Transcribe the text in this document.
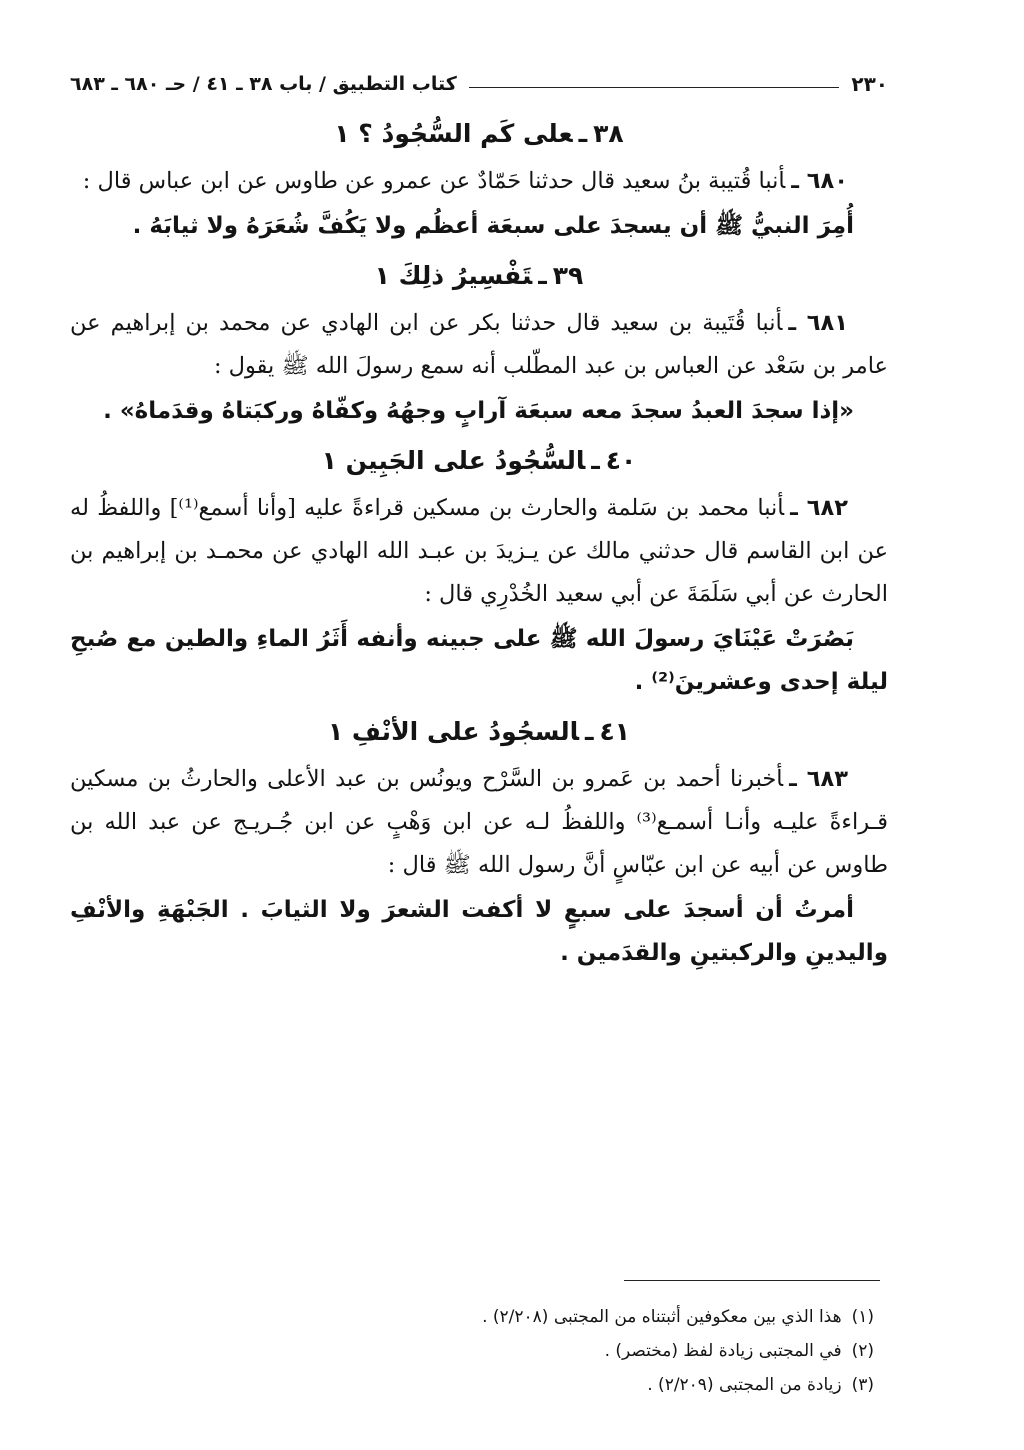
٢٣٠
كتاب التطبيق / باب ٣٨ ـ ٤١ / حـ ٦٨٠ ـ ٦٨٣
٣٨ـعلى كَم السُّجُودُ ؟ ١

٦٨٠ ـأنبا قُتيبة بنُ سعيد قال حدثنا حَمّادٌ عن عمرو عن طاوس عن ابن عباس قال :

أُمِرَ النبيُّ ﷺ أن يسجدَ على سبعَة أعظُم ولا يَكُفَّ شُعَرَهُ ولا ثيابَهُ .

٣٩ـتَفْسِيرُ ذلِكَ ١

٦٨١ ـأنبا قُتَيبة بن سعيد قال حدثنا بكر عن ابن الهادي عن محمد بن إبراهيم عن عامر بن سَعْد عن العباس بن عبد المطّلب أنه سمع رسولَ الله ﷺ يقول :

«إذا سجدَ العبدُ سجدَ معه سبعَة آرابٍ وجهُهُ وكفّاهُ وركبَتاهُ وقدَماهُ» .

٤٠ـالسُّجُودُ على الجَبِين ١

٦٨٢ ـأنبا محمد بن سَلمة والحارث بن مسكين قراءةً عليه [وأنا أسمع⁽¹⁾] واللفظُ له عن ابن القاسم قال حدثني مالك عن يـزيدَ بن عبـد الله الهادي عن محمـد بن إبراهيم بن الحارث عن أبي سَلَمَةَ عن أبي سعيد الخُدْرِي قال :

بَصُرَتْ عَيْنَايَ رسولَ الله ﷺ على جبينه وأنفه أَثَرُ الماءِ والطين مع صُبحِ ليلة إحدى وعشرينَ⁽²⁾ .

٤١ـالسجُودُ على الأنْفِ ١

٦٨٣ ـأخبرنا أحمد بن عَمرو بن السَّرْح ويونُس بن عبد الأعلى والحارثُ بن مسكين قـراءةً عليـه وأنـا أسمـع⁽³⁾ واللفظُ لـه عن ابن وَهْبٍ عن ابن جُـريـج عن عبد الله بن طاوس عن أبيه عن ابن عبّاسٍ أنَّ رسول الله ﷺ قال :

أمرتُ أن أسجدَ على سبعٍ لا أكفت الشعرَ ولا الثيابَ . الجَبْهَةِ والأنْفِ واليدينِ والركبتينِ والقدَمين .

(١)هذا الذي بين معكوفين أثبتناه من المجتبى (٢/٢٠٨) .
(٢)في المجتبى زيادة لفظ (مختصر) .
(٣)زيادة من المجتبى (٢/٢٠٩) .
